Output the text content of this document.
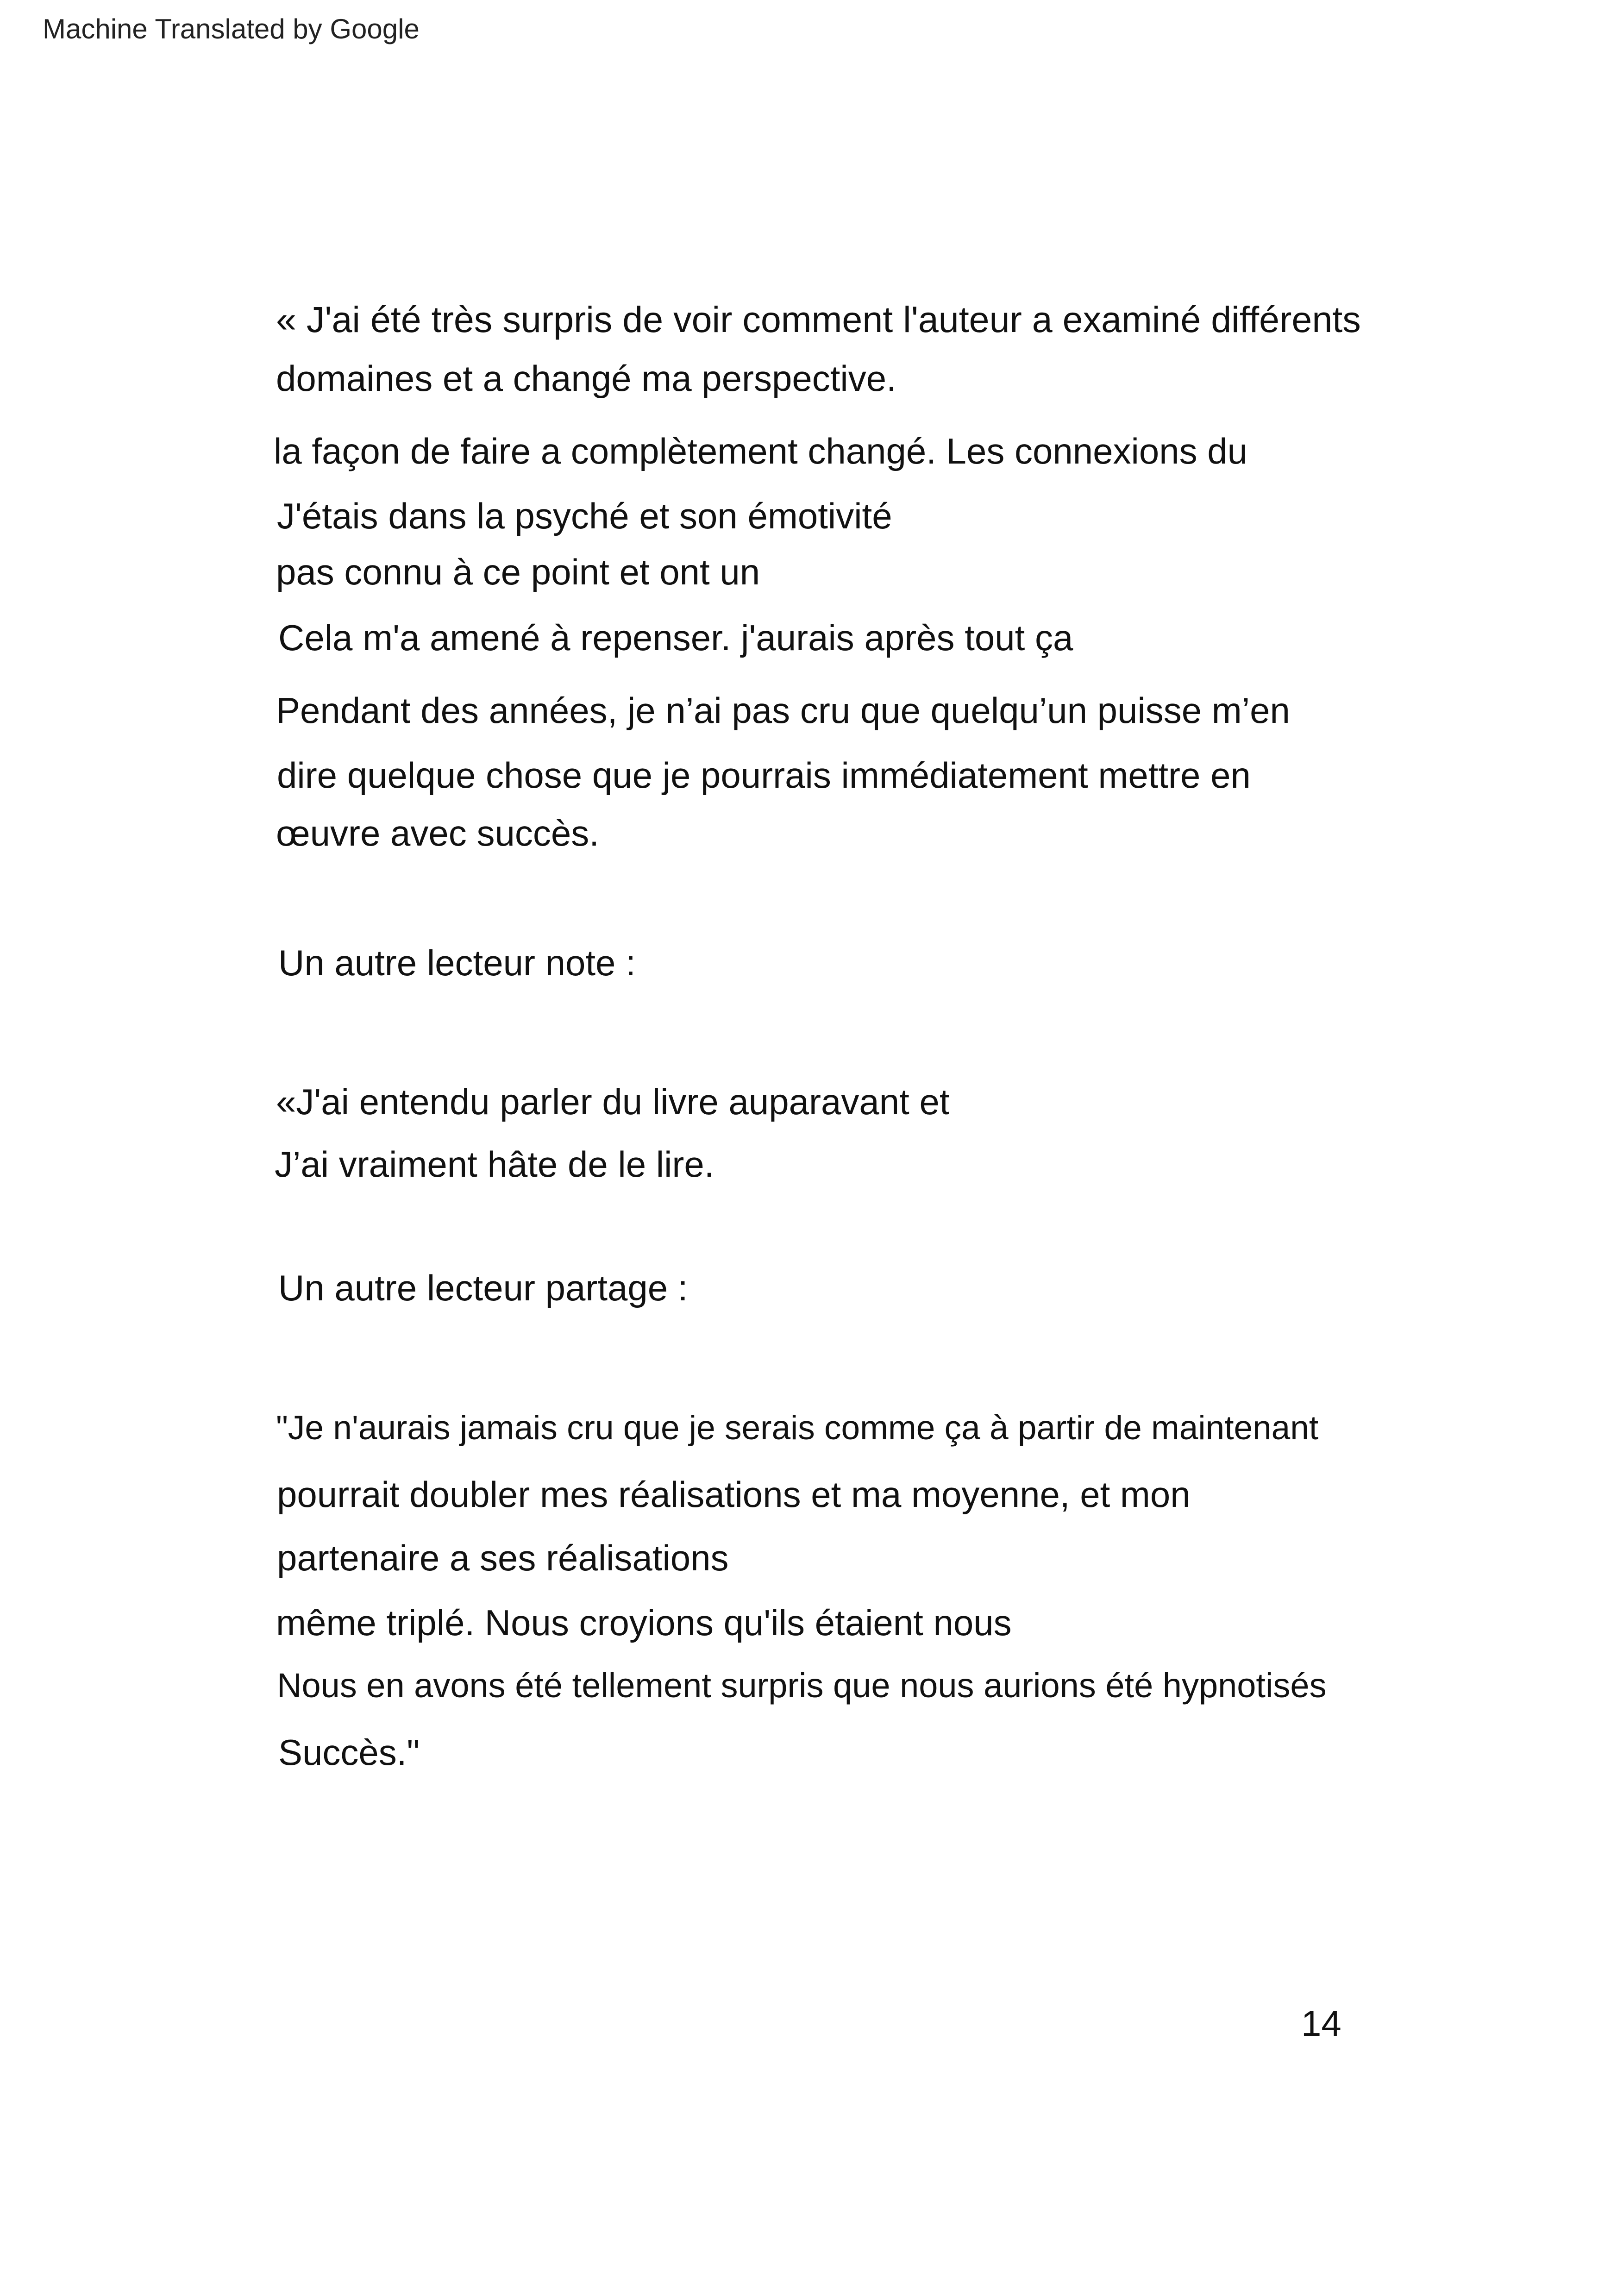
Machine Translated by Google
« J'ai été très surpris de voir comment l'auteur a examiné différents
domaines et a changé ma perspective.
la façon de faire a complètement changé. Les connexions du
J'étais dans la psyché et son émotivité
pas connu à ce point et ont un
Cela m'a amené à repenser. j'aurais après tout ça
Pendant des années, je n’ai pas cru que quelqu’un puisse m’en
dire quelque chose que je pourrais immédiatement mettre en
œuvre avec succès.
Un autre lecteur note :
«J'ai entendu parler du livre auparavant et
J’ai vraiment hâte de le lire.
Un autre lecteur partage :
"Je n'aurais jamais cru que je serais comme ça à partir de maintenant
pourrait doubler mes réalisations et ma moyenne, et mon
partenaire a ses réalisations
même triplé. Nous croyions qu'ils étaient nous
Nous en avons été tellement surpris que nous aurions été hypnotisés
Succès."
14
